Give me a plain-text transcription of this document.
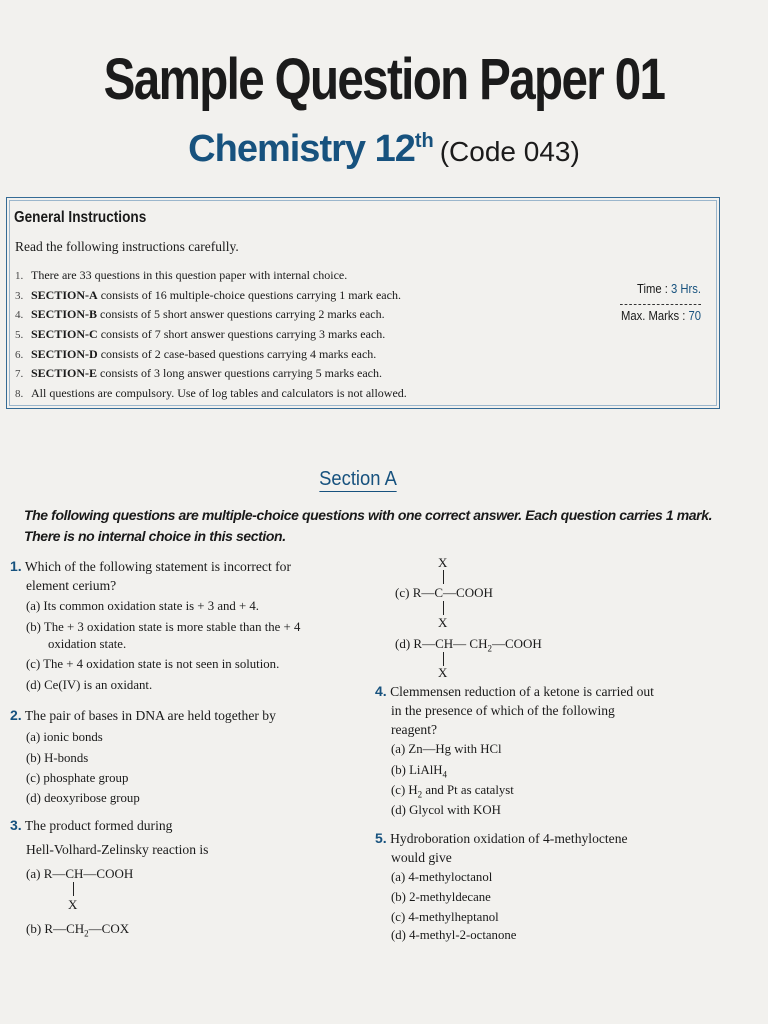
Sample Question Paper 01
Chemistry 12th (Code 043)
General Instructions
Read the following instructions carefully.
1. There are 33 questions in this question paper with internal choice.
3. SECTION-A consists of 16 multiple-choice questions carrying 1 mark each.
4. SECTION-B consists of 5 short answer questions carrying 2 marks each.
5. SECTION-C consists of 7 short answer questions carrying 3 marks each.
6. SECTION-D consists of 2 case-based questions carrying 4 marks each.
7. SECTION-E consists of 3 long answer questions carrying 5 marks each.
8. All questions are compulsory. Use of log tables and calculators is not allowed.
Time : 3 Hrs.
Max. Marks : 70
Section A
The following questions are multiple-choice questions with one correct answer. Each question carries 1 mark.
There is no internal choice in this section.
1. Which of the following statement is incorrect for
element cerium?
(a) Its common oxidation state is + 3 and + 4.
(b) The + 3 oxidation state is more stable than the + 4
oxidation state.
(c) The + 4 oxidation state is not seen in solution.
(d) Ce(IV) is an oxidant.
2. The pair of bases in DNA are held together by
(a) ionic bonds
(b) H-bonds
(c) phosphate group
(d) deoxyribose group
3. The product formed during
Hell-Volhard-Zelinsky reaction is
(a) R—CH—COOH
X
(b) $R—CH_2—COX$
X
(c) R—C—COOH
X
(d) R—CH— $CH_2—COOH$
X
4. Clemmensen reduction of a ketone is carried out
in the presence of which of the following
reagent?
(a) Zn—Hg with HCl
(b) LiAlH$_4$
(c) $H_2$ and Pt as catalyst
(d) Glycol with KOH
5. Hydroboration oxidation of 4-methyloctene
would give
(a) 4-methyloctanol
(b) 2-methyldecane
(c) 4-methylheptanol
(d) 4-methyl-2-octanone
